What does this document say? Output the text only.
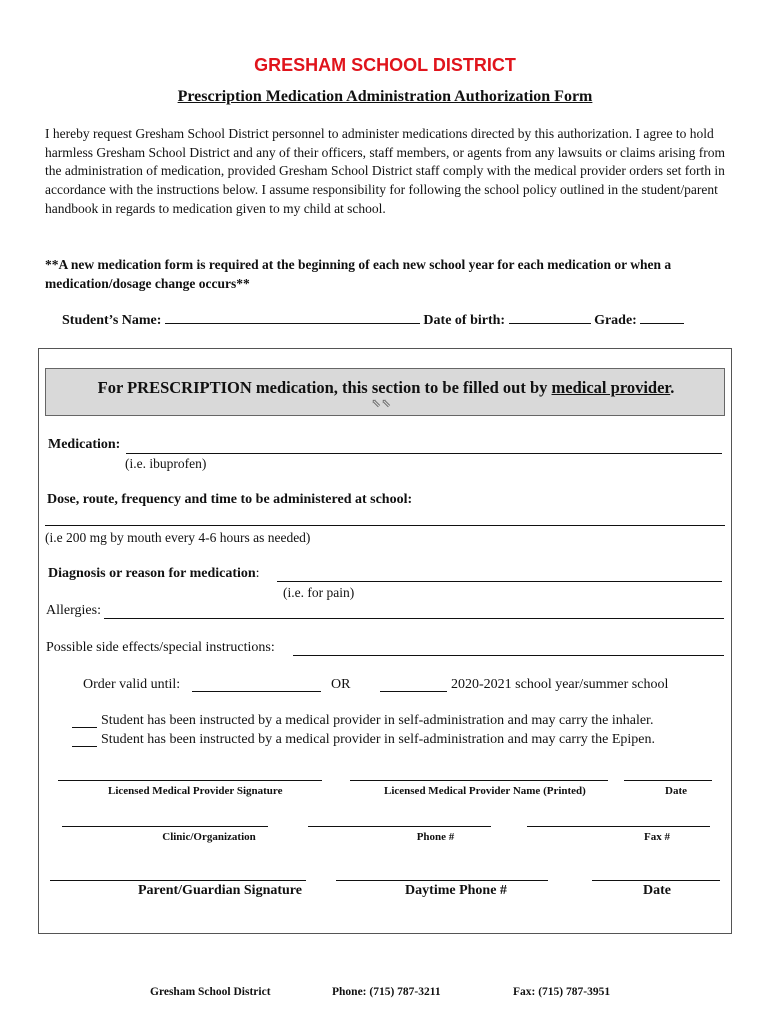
GRESHAM SCHOOL DISTRICT
Prescription Medication Administration Authorization Form
I hereby request Gresham School District personnel to administer medications directed by this authorization. I agree to hold harmless Gresham School District and any of their officers, staff members, or agents from any lawsuits or claims arising from the administration of medication, provided Gresham School District staff comply with the medical provider orders set forth in accordance with the instructions below. I assume responsibility for following the school policy outlined in the student/parent handbook in regards to medication given to my child at school.
**A new medication form is required at the beginning of each new school year for each medication or when a medication/dosage change occurs**
Student’s Name:	Date of birth:	Grade:
For PRESCRIPTION medication, this section to be filled out by medical provider.
⇖⇖
Medication:
(i.e. ibuprofen)
Dose, route, frequency and time to be administered at school:
(i.e 200 mg by mouth every 4-6 hours as needed)
Diagnosis or reason for medication:
(i.e. for pain)
Allergies:
Possible side effects/special instructions:
Order valid until:	OR	2020-2021 school year/summer school
Student has been instructed by a medical provider in self-administration and may carry the inhaler.
Student has been instructed by a medical provider in self-administration and may carry the Epipen.
Licensed Medical Provider Signature	Licensed Medical Provider Name (Printed)	Date
Clinic/Organization	Phone #	Fax #
Parent/Guardian Signature	Daytime Phone #	Date
Gresham School District	Phone: (715) 787-3211	Fax: (715) 787-3951
